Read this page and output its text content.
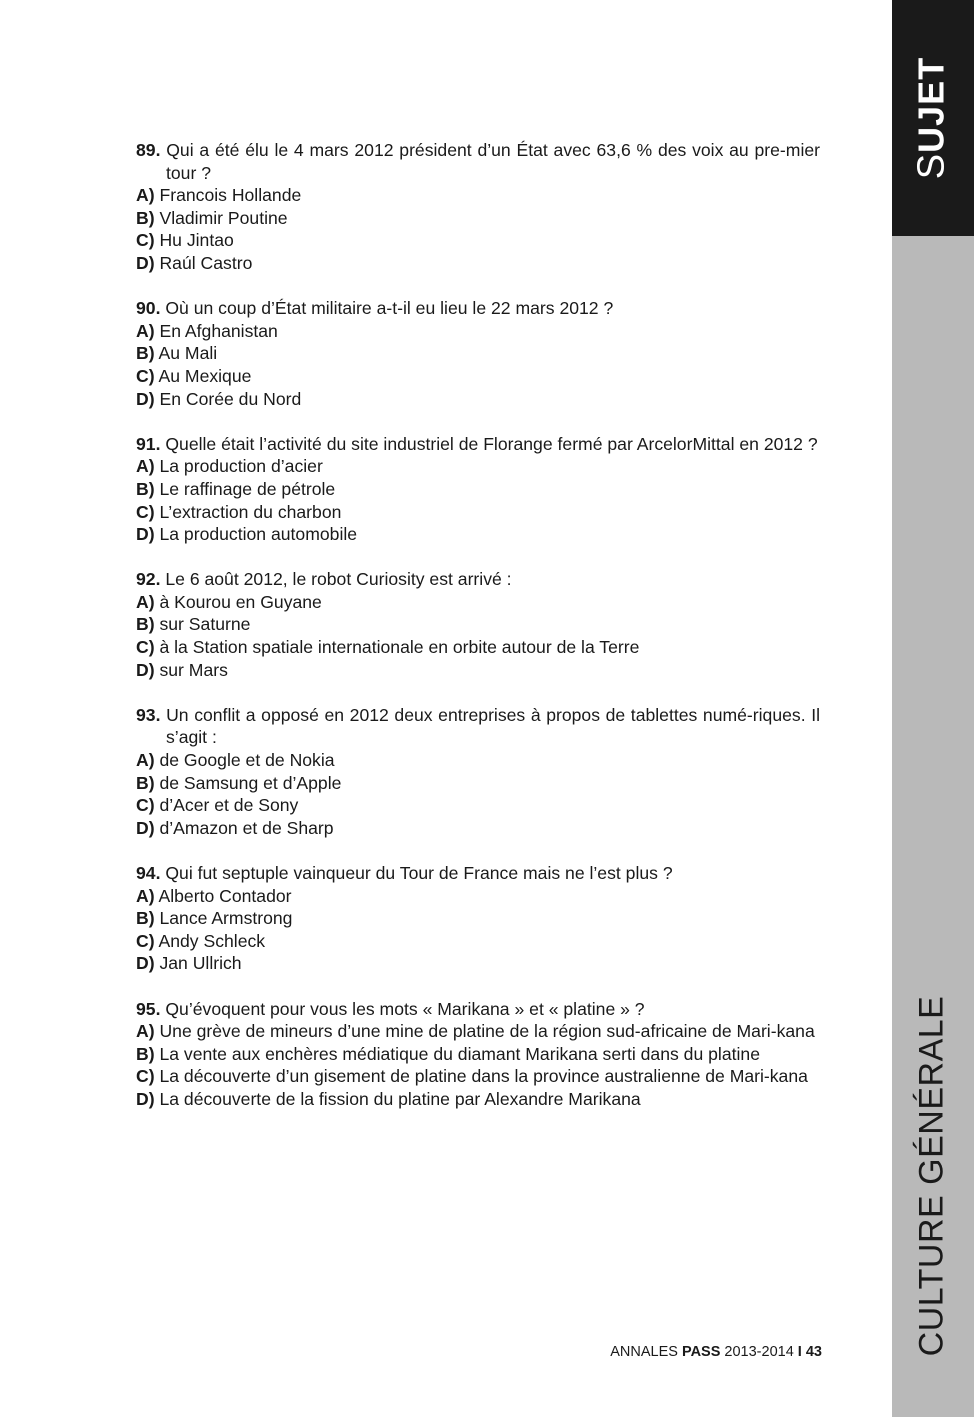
SUJET
CULTURE GÉNÉRALE
89. Qui a été élu le 4 mars 2012 président d’un État avec 63,6 % des voix au pre-mier tour ?
A) Francois Hollande
B) Vladimir Poutine
C) Hu Jintao
D) Raúl Castro
90. Où un coup d’État militaire a-t-il eu lieu le 22 mars 2012 ?
A) En Afghanistan
B) Au Mali
C) Au Mexique
D) En Corée du Nord
91. Quelle était l’activité du site industriel de Florange fermé par ArcelorMittal en 2012 ?
A) La production d’acier
B) Le raffinage de pétrole
C) L’extraction du charbon
D) La production automobile
92. Le 6 août 2012, le robot Curiosity est arrivé :
A) à Kourou en Guyane
B) sur Saturne
C) à la Station spatiale internationale en orbite autour de la Terre
D) sur Mars
93. Un conflit a opposé en 2012 deux entreprises à propos de tablettes numé-riques. Il s’agit :
A) de Google et de Nokia
B) de Samsung et d’Apple
C) d’Acer et de Sony
D) d’Amazon et de Sharp
94. Qui fut septuple vainqueur du Tour de France mais ne l’est plus ?
A) Alberto Contador
B) Lance Armstrong
C) Andy Schleck
D) Jan Ullrich
95. Qu’évoquent pour vous les mots « Marikana » et « platine » ?
A) Une grève de mineurs d’une mine de platine de la région sud-africaine de Mari-kana
B) La vente aux enchères médiatique du diamant Marikana serti dans du platine
C) La découverte d’un gisement de platine dans la province australienne de Mari-kana
D) La découverte de la fission du platine par Alexandre Marikana
ANNALES PASS 2013-2014 I 43
